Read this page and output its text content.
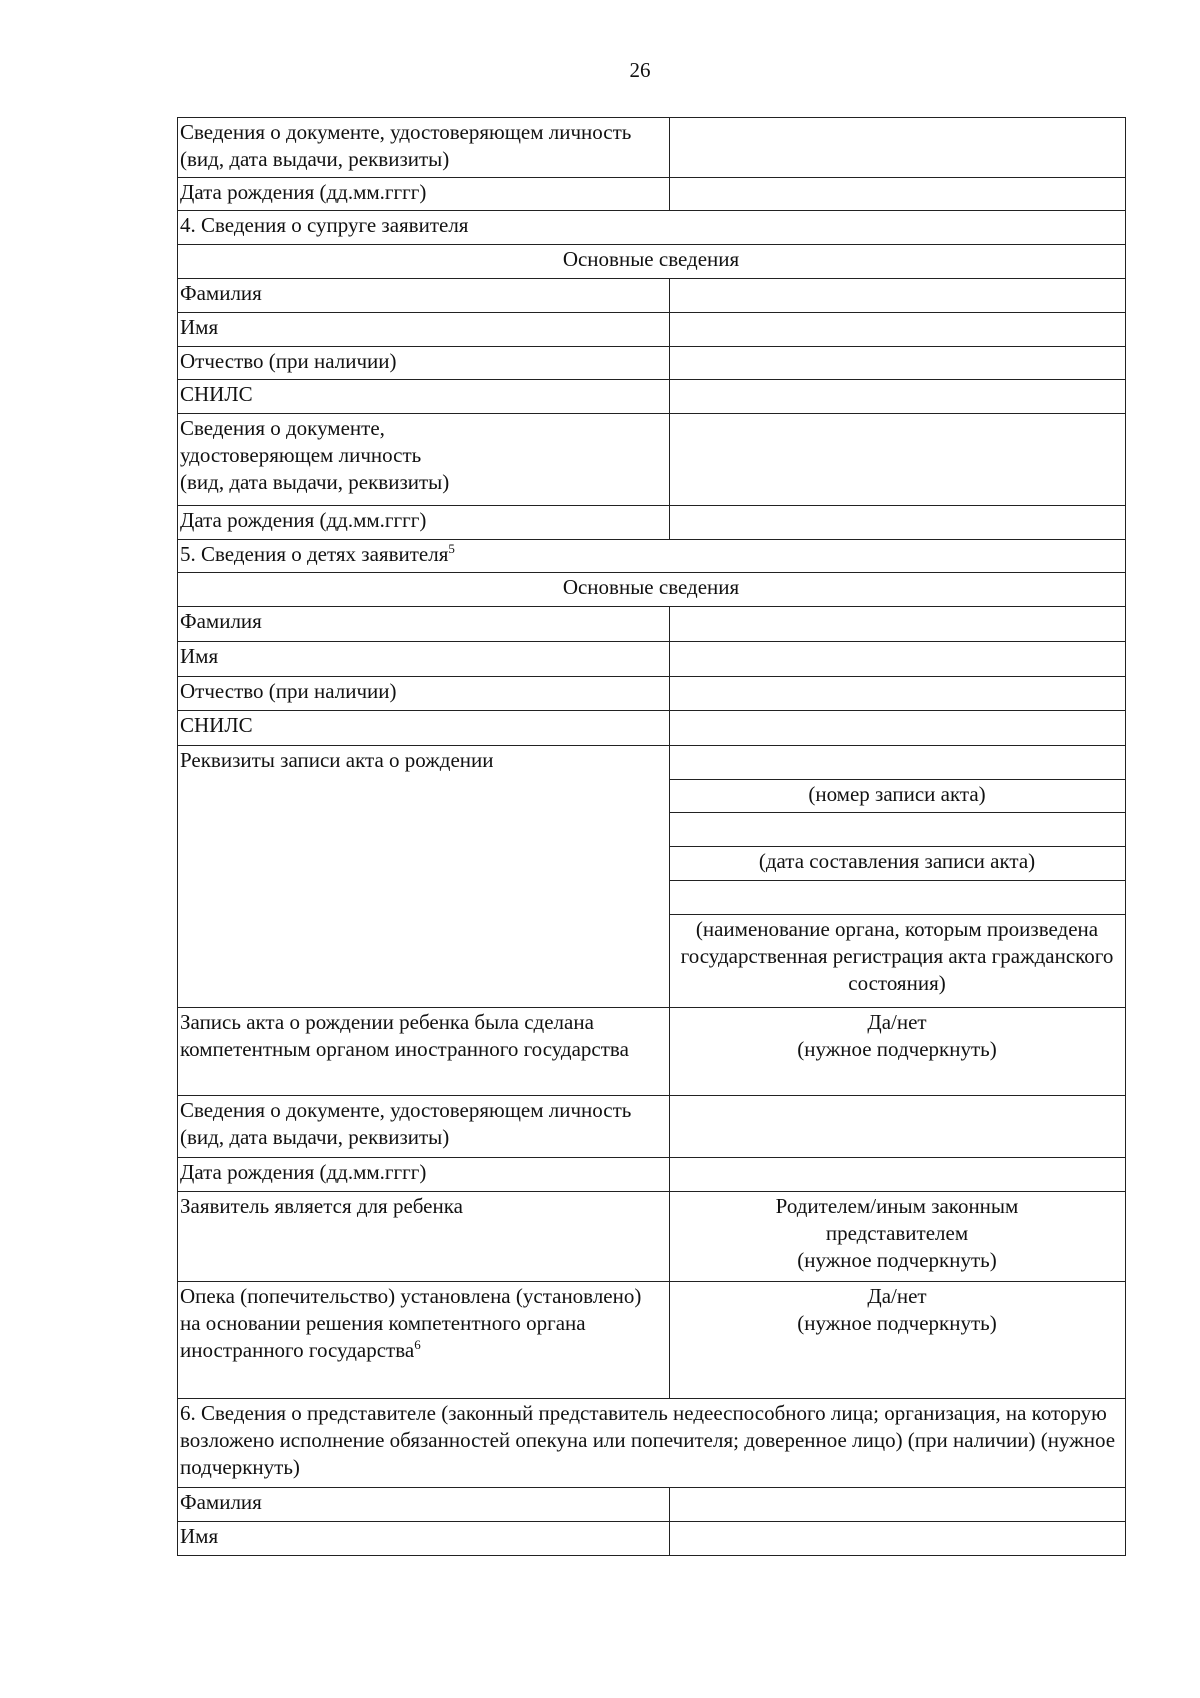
26
Сведения о документе, удостоверяющем личность (вид, дата выдачи, реквизиты)	
Дата рождения (дд.мм.гггг)	
4. Сведения о супруге заявителя	
Основные сведения	
Фамилия	
Имя	
Отчество (при наличии)	
СНИЛС	
Сведения о документе,
удостоверяющем личность
(вид, дата выдачи, реквизиты)	
Дата рождения (дд.мм.гггг)	
5. Сведения о детях заявителя$^5$
Основные сведения	
Фамилия	
Имя	
Отчество (при наличии)	
СНИЛС	
Реквизиты записи акта о рождении	
	(номер записи акта)

	(дата составления записи акта)

	(наименование органа, которым произведена государственная регистрация акта гражданского состояния)
Запись акта о рождении ребенка была сделана компетентным органом иностранного государства	Да/нет
(нужное подчеркнуть)
Сведения о документе, удостоверяющем личность (вид, дата выдачи, реквизиты)	
Дата рождения (дд.мм.гггг)	
Заявитель является для ребенка	Родителем/иным законным
представителем
(нужное подчеркнуть)
Опека (попечительство) установлена (установлено) на основании решения компетентного органа иностранного государства$^6$	Да/нет
(нужное подчеркнуть)
6. Сведения о представителе (законный представитель недееспособного лица; организация, на которую возложено исполнение обязанностей опекуна или попечителя; доверенное лицо) (при наличии) (нужное подчеркнуть)	
Фамилия	
Имя	
